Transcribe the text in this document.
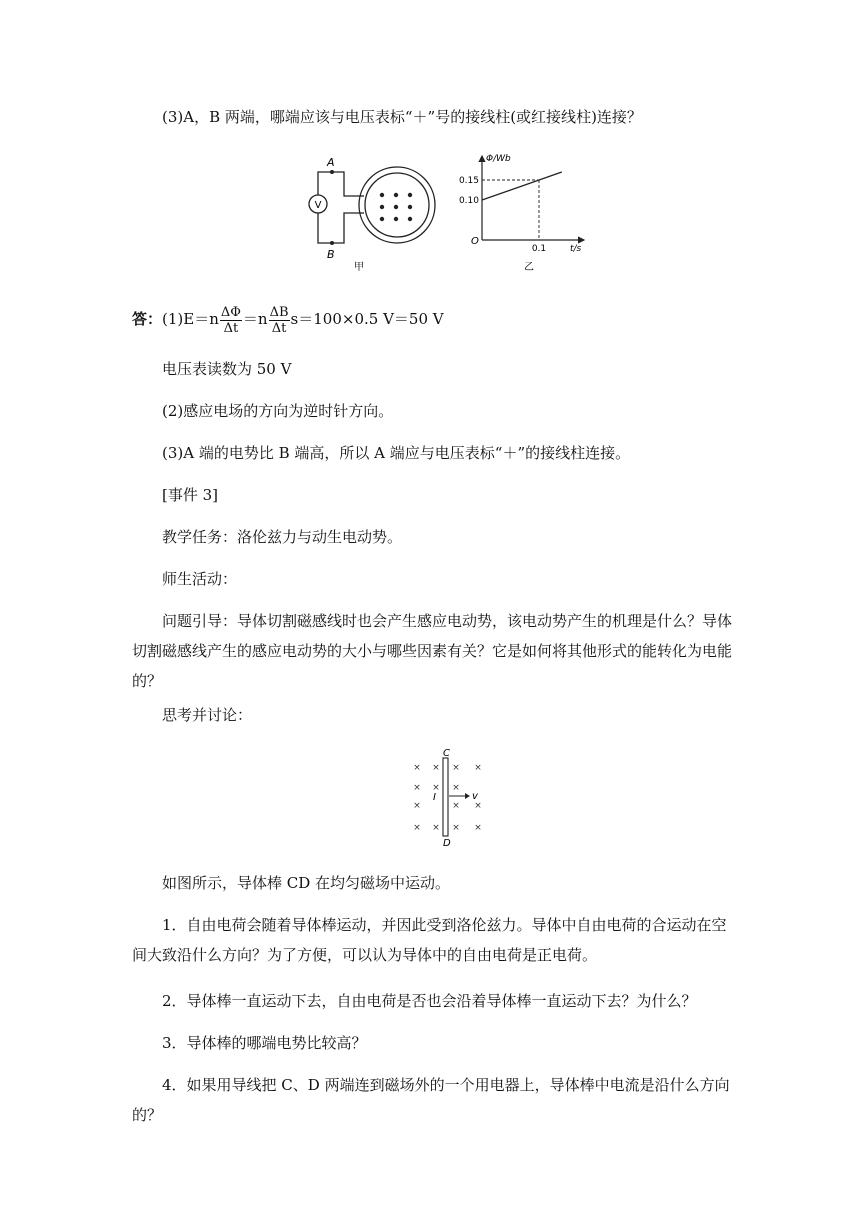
(3)A，B 两端，哪端应该与电压表标“＋”号的接线柱(或红接线柱)连接？

V
A
B
甲
Φ/Wb
t/s
O
0.15
0.10
0.1
乙
答：$(1)E=n \frac{\Delta\Phi}{\Delta t} =n \frac{\Delta B}{\Delta t} s=100\times 0.5$ V＝50 V

电压表读数为 50 V

(2)感应电场的方向为逆时针方向。

(3)A 端的电势比 B 端高，所以 A 端应与电压表标“＋”的接线柱连接。

[事件 3]

教学任务：洛伦兹力与动生电动势。

师生活动：

问题引导：导体切割磁感线时也会产生感应电动势，该电动势产生的机理是什么？导体切割磁感线产生的感应电动势的大小与哪些因素有关？它是如何将其他形式的能转化为电能的？

思考并讨论：

× × × ×
× × ×
×	× ×
× × × ×
C
D
I	v

如图所示，导体棒 CD 在均匀磁场中运动。

1．自由电荷会随着导体棒运动，并因此受到洛伦兹力。导体中自由电荷的合运动在空间大致沿什么方向？为了方便，可以认为导体中的自由电荷是正电荷。

2．导体棒一直运动下去，自由电荷是否也会沿着导体棒一直运动下去？为什么？

3．导体棒的哪端电势比较高？

4．如果用导线把 C、D 两端连到磁场外的一个用电器上，导体棒中电流是沿什么方向的？
